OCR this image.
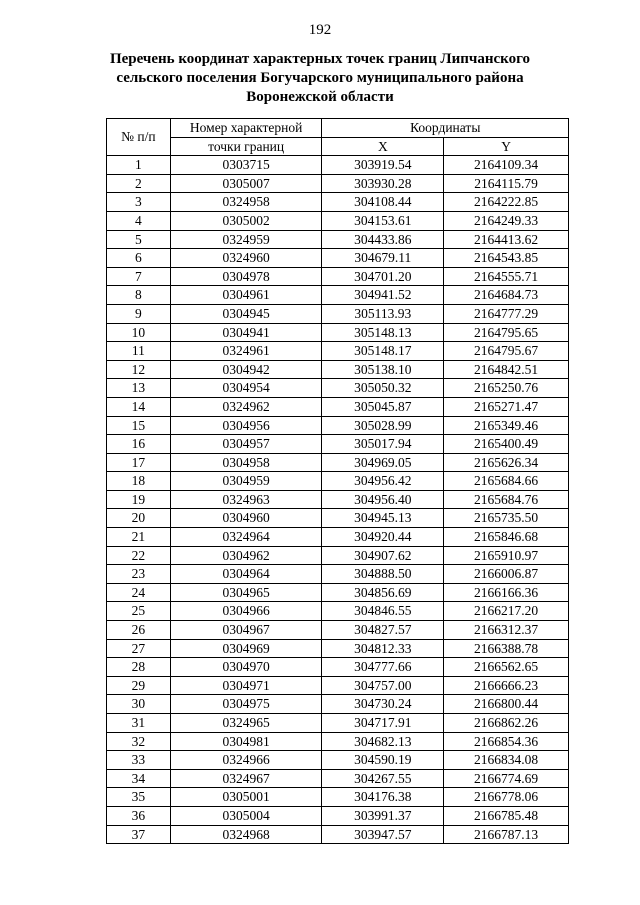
192
Перечень координат характерных точек границ Липчанского
сельского поселения Богучарского муниципального района
Воронежской области
№ п/п	Номер характерной	Координаты	
	точки границ	X	Y
1	0303715	303919.54	2164109.34
2	0305007	303930.28	2164115.79
3	0324958	304108.44	2164222.85
4	0305002	304153.61	2164249.33
5	0324959	304433.86	2164413.62
6	0324960	304679.11	2164543.85
7	0304978	304701.20	2164555.71
8	0304961	304941.52	2164684.73
9	0304945	305113.93	2164777.29
10	0304941	305148.13	2164795.65
11	0324961	305148.17	2164795.67
12	0304942	305138.10	2164842.51
13	0304954	305050.32	2165250.76
14	0324962	305045.87	2165271.47
15	0304956	305028.99	2165349.46
16	0304957	305017.94	2165400.49
17	0304958	304969.05	2165626.34
18	0304959	304956.42	2165684.66
19	0324963	304956.40	2165684.76
20	0304960	304945.13	2165735.50
21	0324964	304920.44	2165846.68
22	0304962	304907.62	2165910.97
23	0304964	304888.50	2166006.87
24	0304965	304856.69	2166166.36
25	0304966	304846.55	2166217.20
26	0304967	304827.57	2166312.37
27	0304969	304812.33	2166388.78
28	0304970	304777.66	2166562.65
29	0304971	304757.00	2166666.23
30	0304975	304730.24	2166800.44
31	0324965	304717.91	2166862.26
32	0304981	304682.13	2166854.36
33	0324966	304590.19	2166834.08
34	0324967	304267.55	2166774.69
35	0305001	304176.38	2166778.06
36	0305004	303991.37	2166785.48
37	0324968	303947.57	2166787.13
